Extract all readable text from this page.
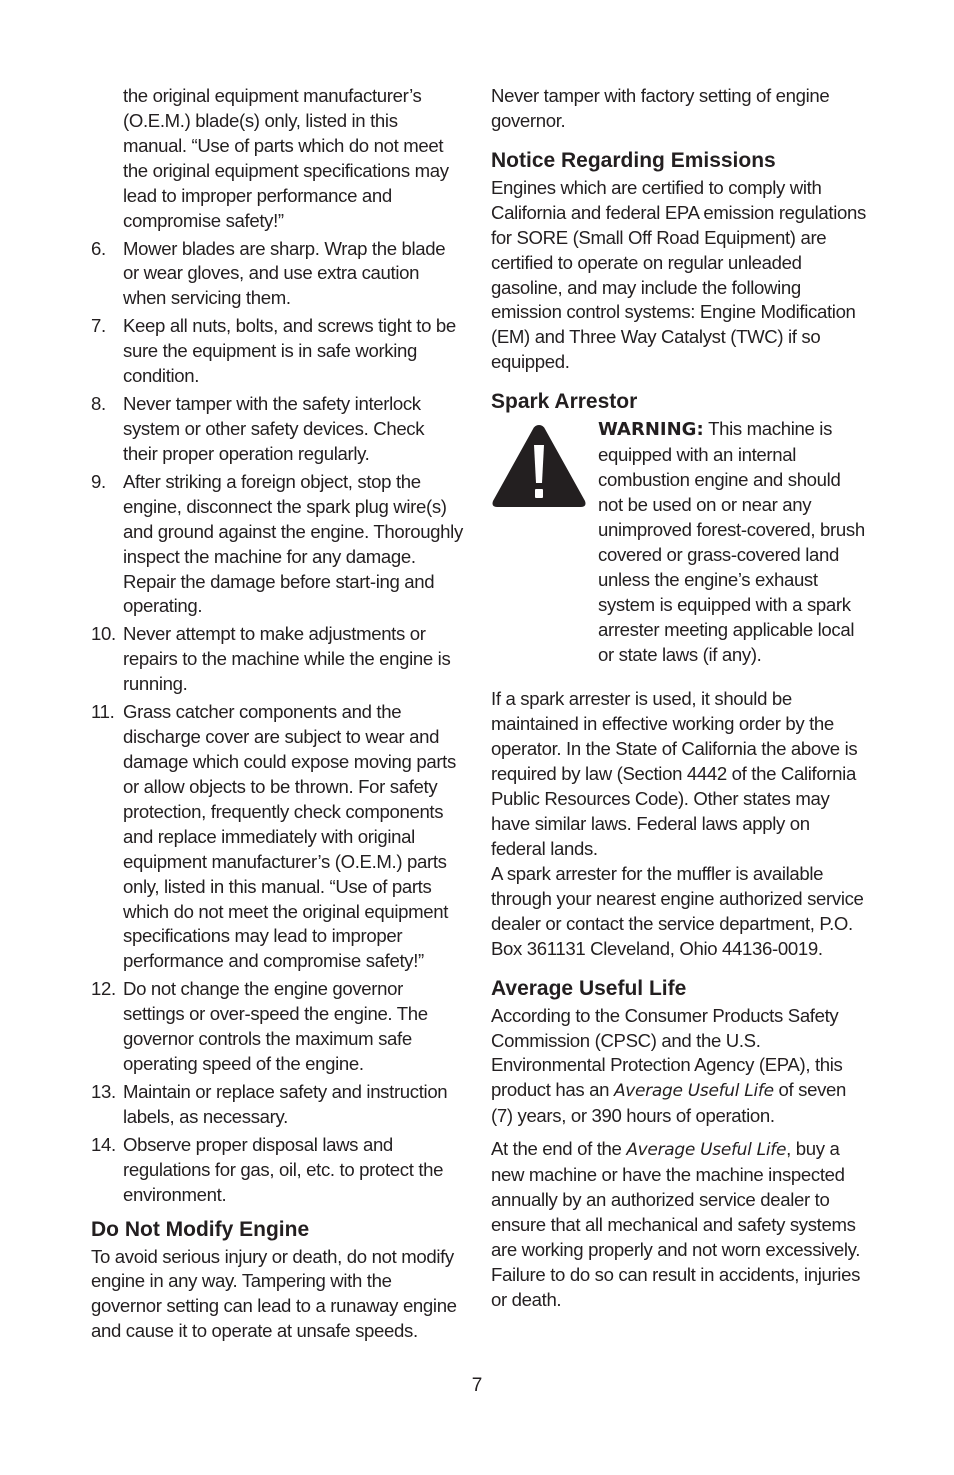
the original equipment manufacturer’s (O.E.M.) blade(s) only, listed in this manual. “Use of parts which do not meet the original equipment specifications may lead to improper performance and compromise safety!”

6. Mower blades are sharp. Wrap the blade or wear gloves, and use extra caution when servicing them.
7. Keep all nuts, bolts, and screws tight to be sure the equipment is in safe working condition.
8. Never tamper with the safety interlock system or other safety devices. Check their proper operation regularly.
9. After striking a foreign object, stop the engine, disconnect the spark plug wire(s) and ground against the engine. Thoroughly inspect the machine for any damage. Repair the damage before start-ing and operating.
10. Never attempt to make adjustments or repairs to the machine while the engine is running.
11. Grass catcher components and the discharge cover are subject to wear and damage which could expose moving parts or allow objects to be thrown. For safety protection, frequently check components and replace immediately with original equipment manufacturer’s (O.E.M.) parts only, listed in this manual. “Use of parts which do not meet the original equipment specifications may lead to improper performance and compromise safety!”
12. Do not change the engine governor settings or over-speed the engine. The governor controls the maximum safe operating speed of the engine.
13. Maintain or replace safety and instruction labels, as necessary.
14. Observe proper disposal laws and regulations for gas, oil, etc. to protect the environment.
Do Not Modify Engine

To avoid serious injury or death, do not modify engine in any way. Tampering with the governor setting can lead to a runaway engine and cause it to operate at unsafe speeds.

Never tamper with factory setting of engine governor.

Notice Regarding Emissions

Engines which are certified to comply with California and federal EPA emission regulations for SORE (Small Off Road Equipment) are certified to operate on regular unleaded gasoline, and may include the following emission control systems: Engine Modification (EM) and Three Way Catalyst (TWC) if so equipped.

Spark Arrestor

WARNING: This machine is equipped with an internal combustion engine and should not be used on or near any unimproved forest-covered, brush covered or grass-covered land unless the engine’s exhaust system is equipped with a spark arrester meeting applicable local or state laws (if any).

If a spark arrester is used, it should be maintained in effective working order by the operator. In the State of California the above is required by law (Section 4442 of the California Public Resources Code). Other states may have similar laws. Federal laws apply on federal lands.

A spark arrester for the muffler is available through your nearest engine authorized service dealer or contact the service department, P.O. Box 361131 Cleveland, Ohio 44136-0019.

Average Useful Life

According to the Consumer Products Safety Commission (CPSC) and the U.S. Environmental Protection Agency (EPA), this product has an Average Useful Life of seven (7) years, or 390 hours of operation.

At the end of the Average Useful Life, buy a new machine or have the machine inspected annually by an authorized service dealer to ensure that all mechanical and safety systems are working properly and not worn excessively. Failure to do so can result in accidents, injuries or death.

7
